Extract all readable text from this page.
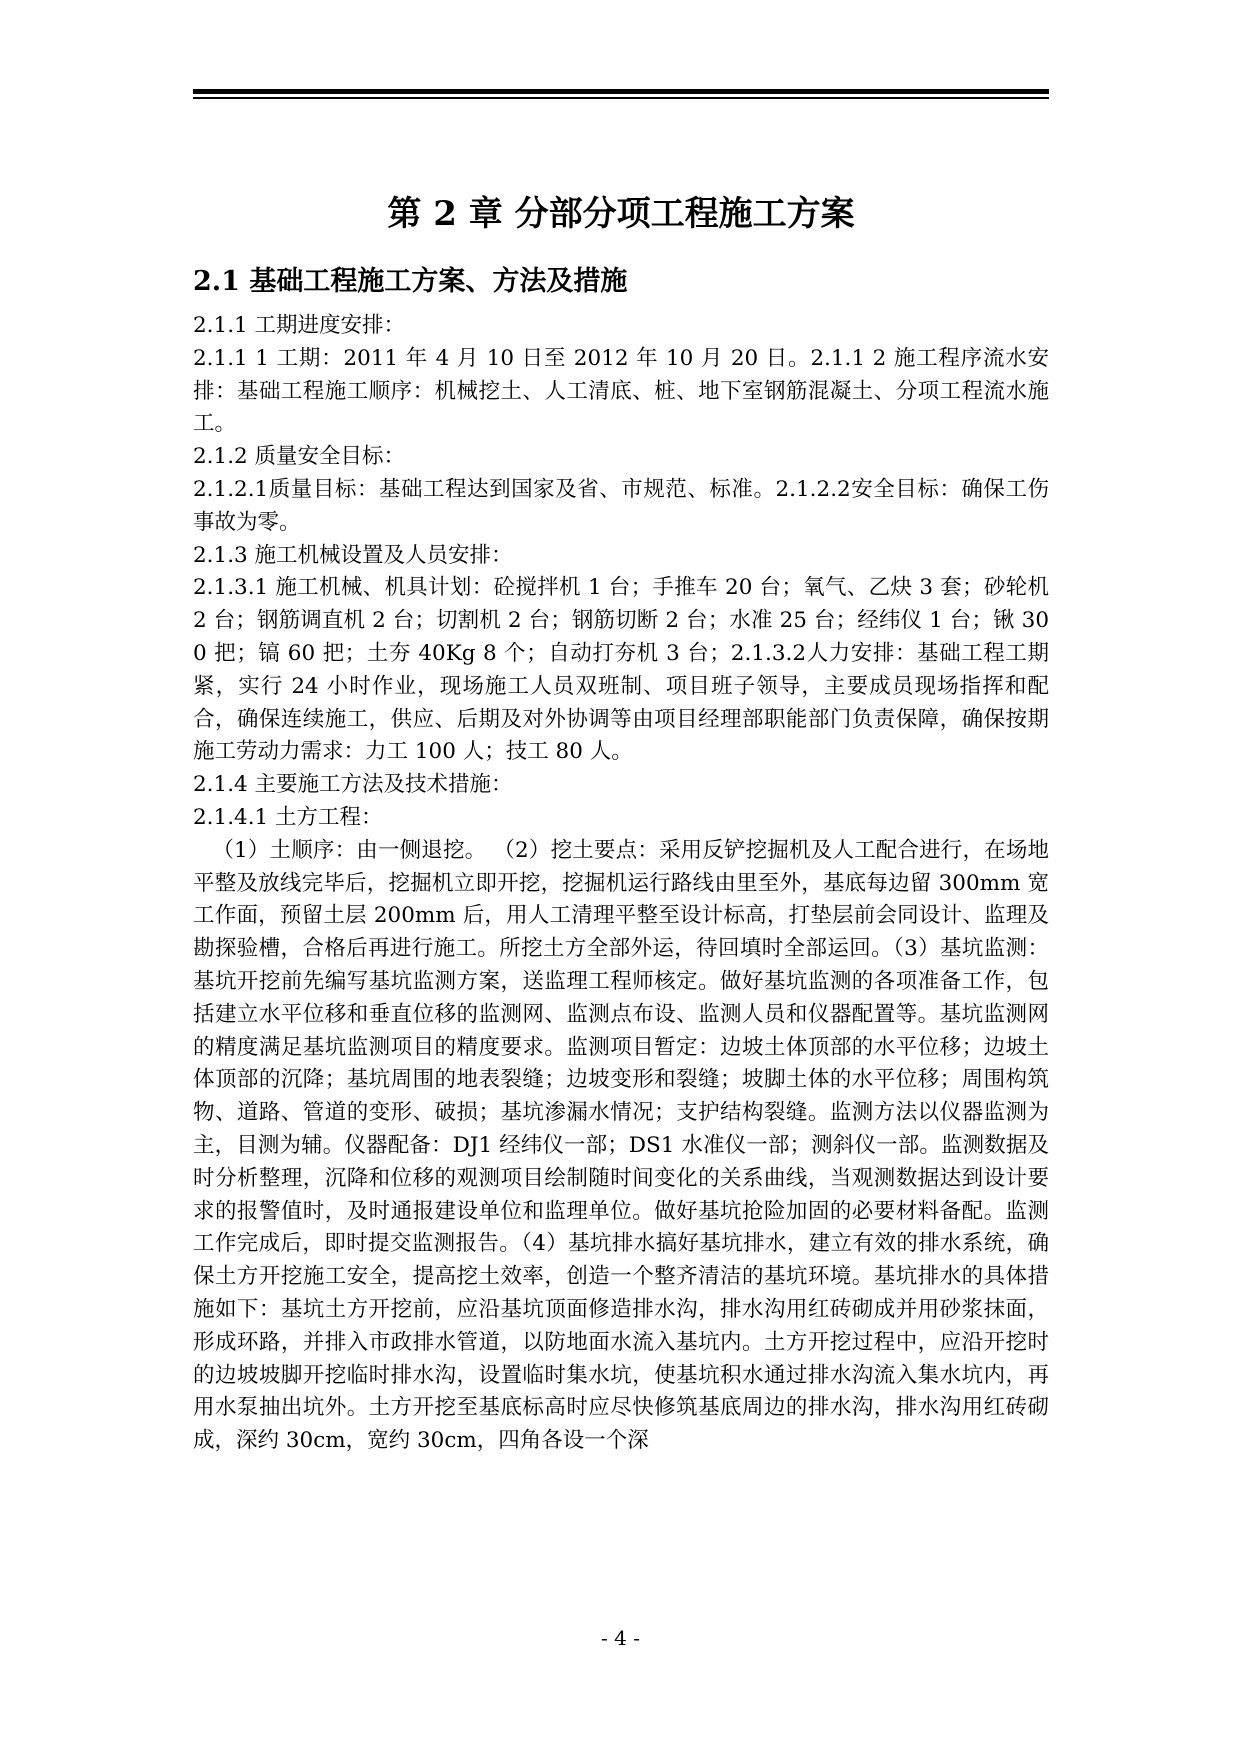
第 2 章 分部分项工程施工方案
2.1 基础工程施工方案、方法及措施

2.1.1 工期进度安排：

2.1.1 1 工期：2011 年 4 月 10 日至 2012 年 10 月 20 日。2.1.1 2 施工程序流水安排：基础工程施工顺序：机械挖土、人工清底、桩、地下室钢筋混凝土、分项工程流水施工。

2.1.2 质量安全目标：

2.1.2.1质量目标：基础工程达到国家及省、市规范、标准。2.1.2.2安全目标：确保工伤事故为零。

2.1.3 施工机械设置及人员安排：

2.1.3.1 施工机械、机具计划：砼搅拌机 1 台；手推车 20 台；氧气、乙炔 3 套；砂轮机 2 台；钢筋调直机 2 台；切割机 2 台；钢筋切断 2 台；水准 25 台；经纬仪 1 台；锹 300 把；镐 60 把；土夯 40Kg 8 个；自动打夯机 3 台；2.1.3.2人力安排：基础工程工期紧，实行 24 小时作业，现场施工人员双班制、项目班子领导，主要成员现场指挥和配合，确保连续施工，供应、后期及对外协调等由项目经理部职能部门负责保障，确保按期施工劳动力需求：力工 100 人；技工 80 人。

2.1.4 主要施工方法及技术措施：

2.1.4.1 土方工程：

（1）土顺序：由一侧退挖。 （2）挖土要点：采用反铲挖掘机及人工配合进行，在场地平整及放线完毕后，挖掘机立即开挖，挖掘机运行路线由里至外，基底每边留 300mm 宽工作面，预留土层 200mm 后，用人工清理平整至设计标高，打垫层前会同设计、监理及勘探验槽，合格后再进行施工。所挖土方全部外运，待回填时全部运回。（3）基坑监测：基坑开挖前先编写基坑监测方案，送监理工程师核定。做好基坑监测的各项准备工作，包括建立水平位移和垂直位移的监测网、监测点布设、监测人员和仪器配置等。基坑监测网的精度满足基坑监测项目的精度要求。监测项目暂定：边坡土体顶部的水平位移；边坡土体顶部的沉降；基坑周围的地表裂缝；边坡变形和裂缝；坡脚土体的水平位移；周围构筑物、道路、管道的变形、破损；基坑渗漏水情况；支护结构裂缝。监测方法以仪器监测为主，目测为辅。仪器配备：DJ1 经纬仪一部；DS1 水准仪一部；测斜仪一部。监测数据及时分析整理，沉降和位移的观测项目绘制随时间变化的关系曲线，当观测数据达到设计要求的报警值时，及时通报建设单位和监理单位。做好基坑抢险加固的必要材料备配。监测工作完成后，即时提交监测报告。（4）基坑排水搞好基坑排水，建立有效的排水系统，确保土方开挖施工安全，提高挖土效率，创造一个整齐清洁的基坑环境。基坑排水的具体措施如下：基坑土方开挖前，应沿基坑顶面修造排水沟，排水沟用红砖砌成并用砂浆抹面，形成环路，并排入市政排水管道，以防地面水流入基坑内。土方开挖过程中，应沿开挖时的边坡坡脚开挖临时排水沟，设置临时集水坑，使基坑积水通过排水沟流入集水坑内，再用水泵抽出坑外。土方开挖至基底标高时应尽快修筑基底周边的排水沟，排水沟用红砖砌成，深约 30cm，宽约 30cm，四角各设一个深

- 4 -
